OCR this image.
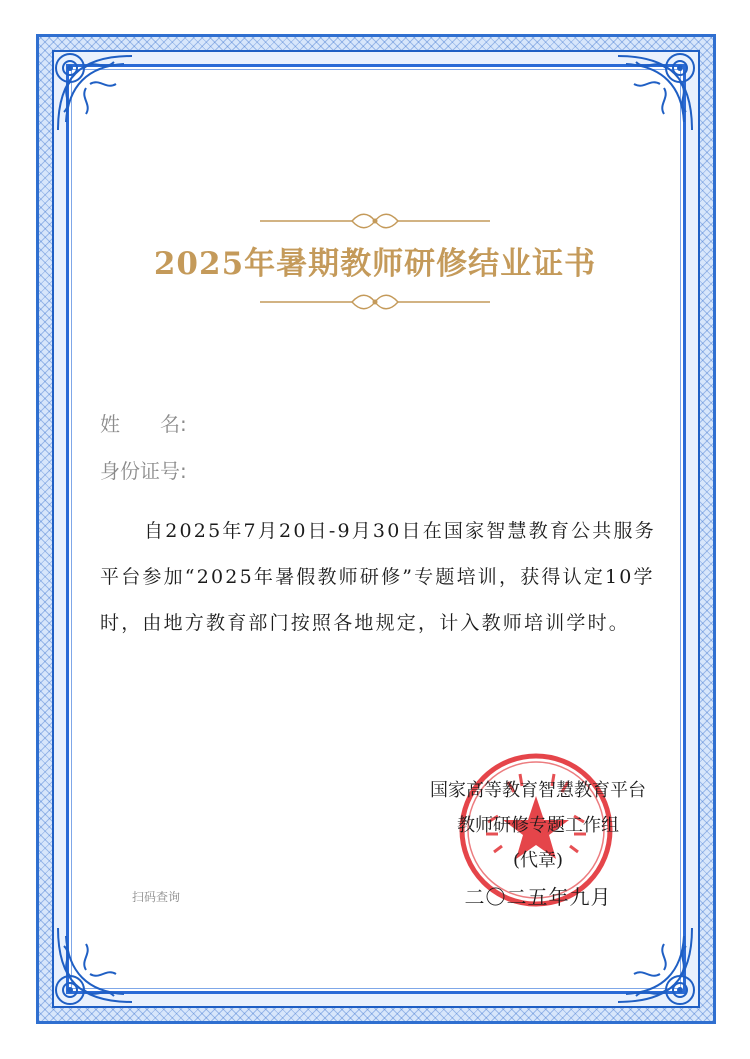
2025年暑期教师研修结业证书
姓 名:
身份证号:
自2025年7月20日-9月30日在国家智慧教育公共服务平台参加“2025年暑假教师研修”专题培训，获得认定10学时，由地方教育部门按照各地规定，计入教师培训学时。
国家高等教育智慧教育平台
教师研修专题工作组
(代章)
二〇二五年九月
扫码查询
